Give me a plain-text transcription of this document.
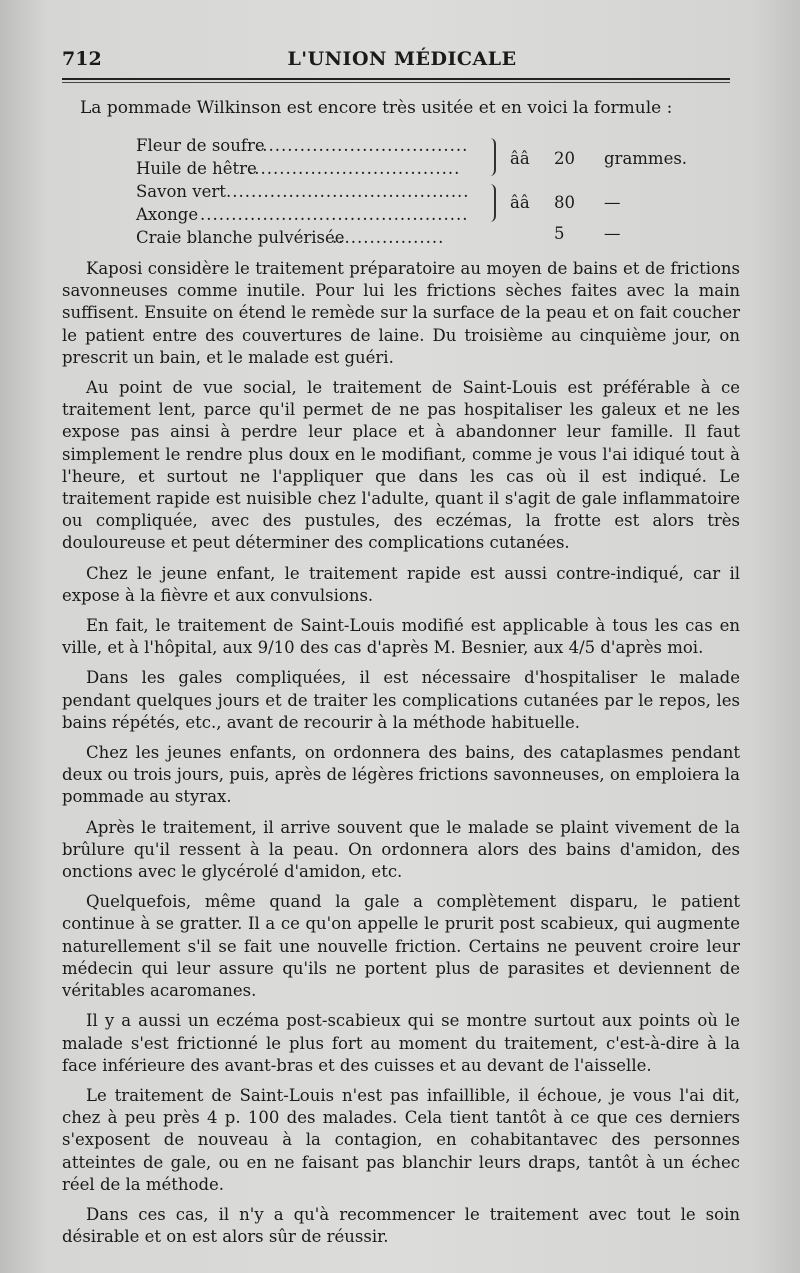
712	L'UNION MÉDICALE
La pommade Wilkinson est encore très usitée et en voici la formule :
Fleur de soufre
..................................
Huile de hêtre
..................................
ââ 20 grammes.
Savon vert .......................................
Axonge ...........................................
ââ 80 —
Craie blanche pulvérisée
..................	5 —

Kaposi considère le traitement préparatoire au moyen de bains et de frictions savonneuses comme inutile. Pour lui les frictions sèches faites avec la main suffisent. Ensuite on étend le remède sur la surface de la peau et on fait coucher le patient entre des couvertures de laine. Du troisième au cinquième jour, on prescrit un bain, et le malade est guéri.

Au point de vue social, le traitement de Saint-Louis est préférable à ce traitement lent, parce qu'il permet de ne pas hospitaliser les galeux et ne les expose pas ainsi à perdre leur place et à abandonner leur famille. Il faut simplement le rendre plus doux en le modifiant, comme je vous l'ai idiqué tout à l'heure, et surtout ne l'appliquer que dans les cas où il est indiqué. Le traitement rapide est nuisible chez l'adulte, quant il s'agit de gale inflammatoire ou compliquée, avec des pustules, des eczémas, la frotte est alors très douloureuse et peut déterminer des complications cutanées.

Chez le jeune enfant, le traitement rapide est aussi contre-indiqué, car il expose à la fièvre et aux convulsions.

En fait, le traitement de Saint-Louis modifié est applicable à tous les cas en ville, et à l'hôpital, aux 9/10 des cas d'après M. Besnier, aux 4/5 d'après moi.

Dans les gales compliquées, il est nécessaire d'hospitaliser le malade pendant quelques jours et de traiter les complications cutanées par le repos, les bains répétés, etc., avant de recourir à la méthode habituelle.

Chez les jeunes enfants, on ordonnera des bains, des cataplasmes pendant deux ou trois jours, puis, après de légères frictions savonneuses, on emploiera la pommade au styrax.

Après le traitement, il arrive souvent que le malade se plaint vivement de la brûlure qu'il ressent à la peau. On ordonnera alors des bains d'amidon, des onctions avec le glycérolé d'amidon, etc.

Quelquefois, même quand la gale a complètement disparu, le patient continue à se gratter. Il a ce qu'on appelle le prurit post scabieux, qui augmente naturellement s'il se fait une nouvelle friction. Certains ne peuvent croire leur médecin qui leur assure qu'ils ne portent plus de parasites et deviennent de véritables acaromanes.

Il y a aussi un eczéma post-scabieux qui se montre surtout aux points où le malade s'est frictionné le plus fort au moment du traitement, c'est-à-dire à la face inférieure des avant-bras et des cuisses et au devant de l'aisselle.

Le traitement de Saint-Louis n'est pas infaillible, il échoue, je vous l'ai dit, chez à peu près 4 p. 100 des malades. Cela tient tantôt à ce que ces derniers s'exposent de nouveau à la contagion, en cohabitantavec des personnes atteintes de gale, ou en ne faisant pas blanchir leurs draps, tantôt à un échec réel de la méthode.

Dans ces cas, il n'y a qu'à recommencer le traitement avec tout le soin désirable et on est alors sûr de réussir.
